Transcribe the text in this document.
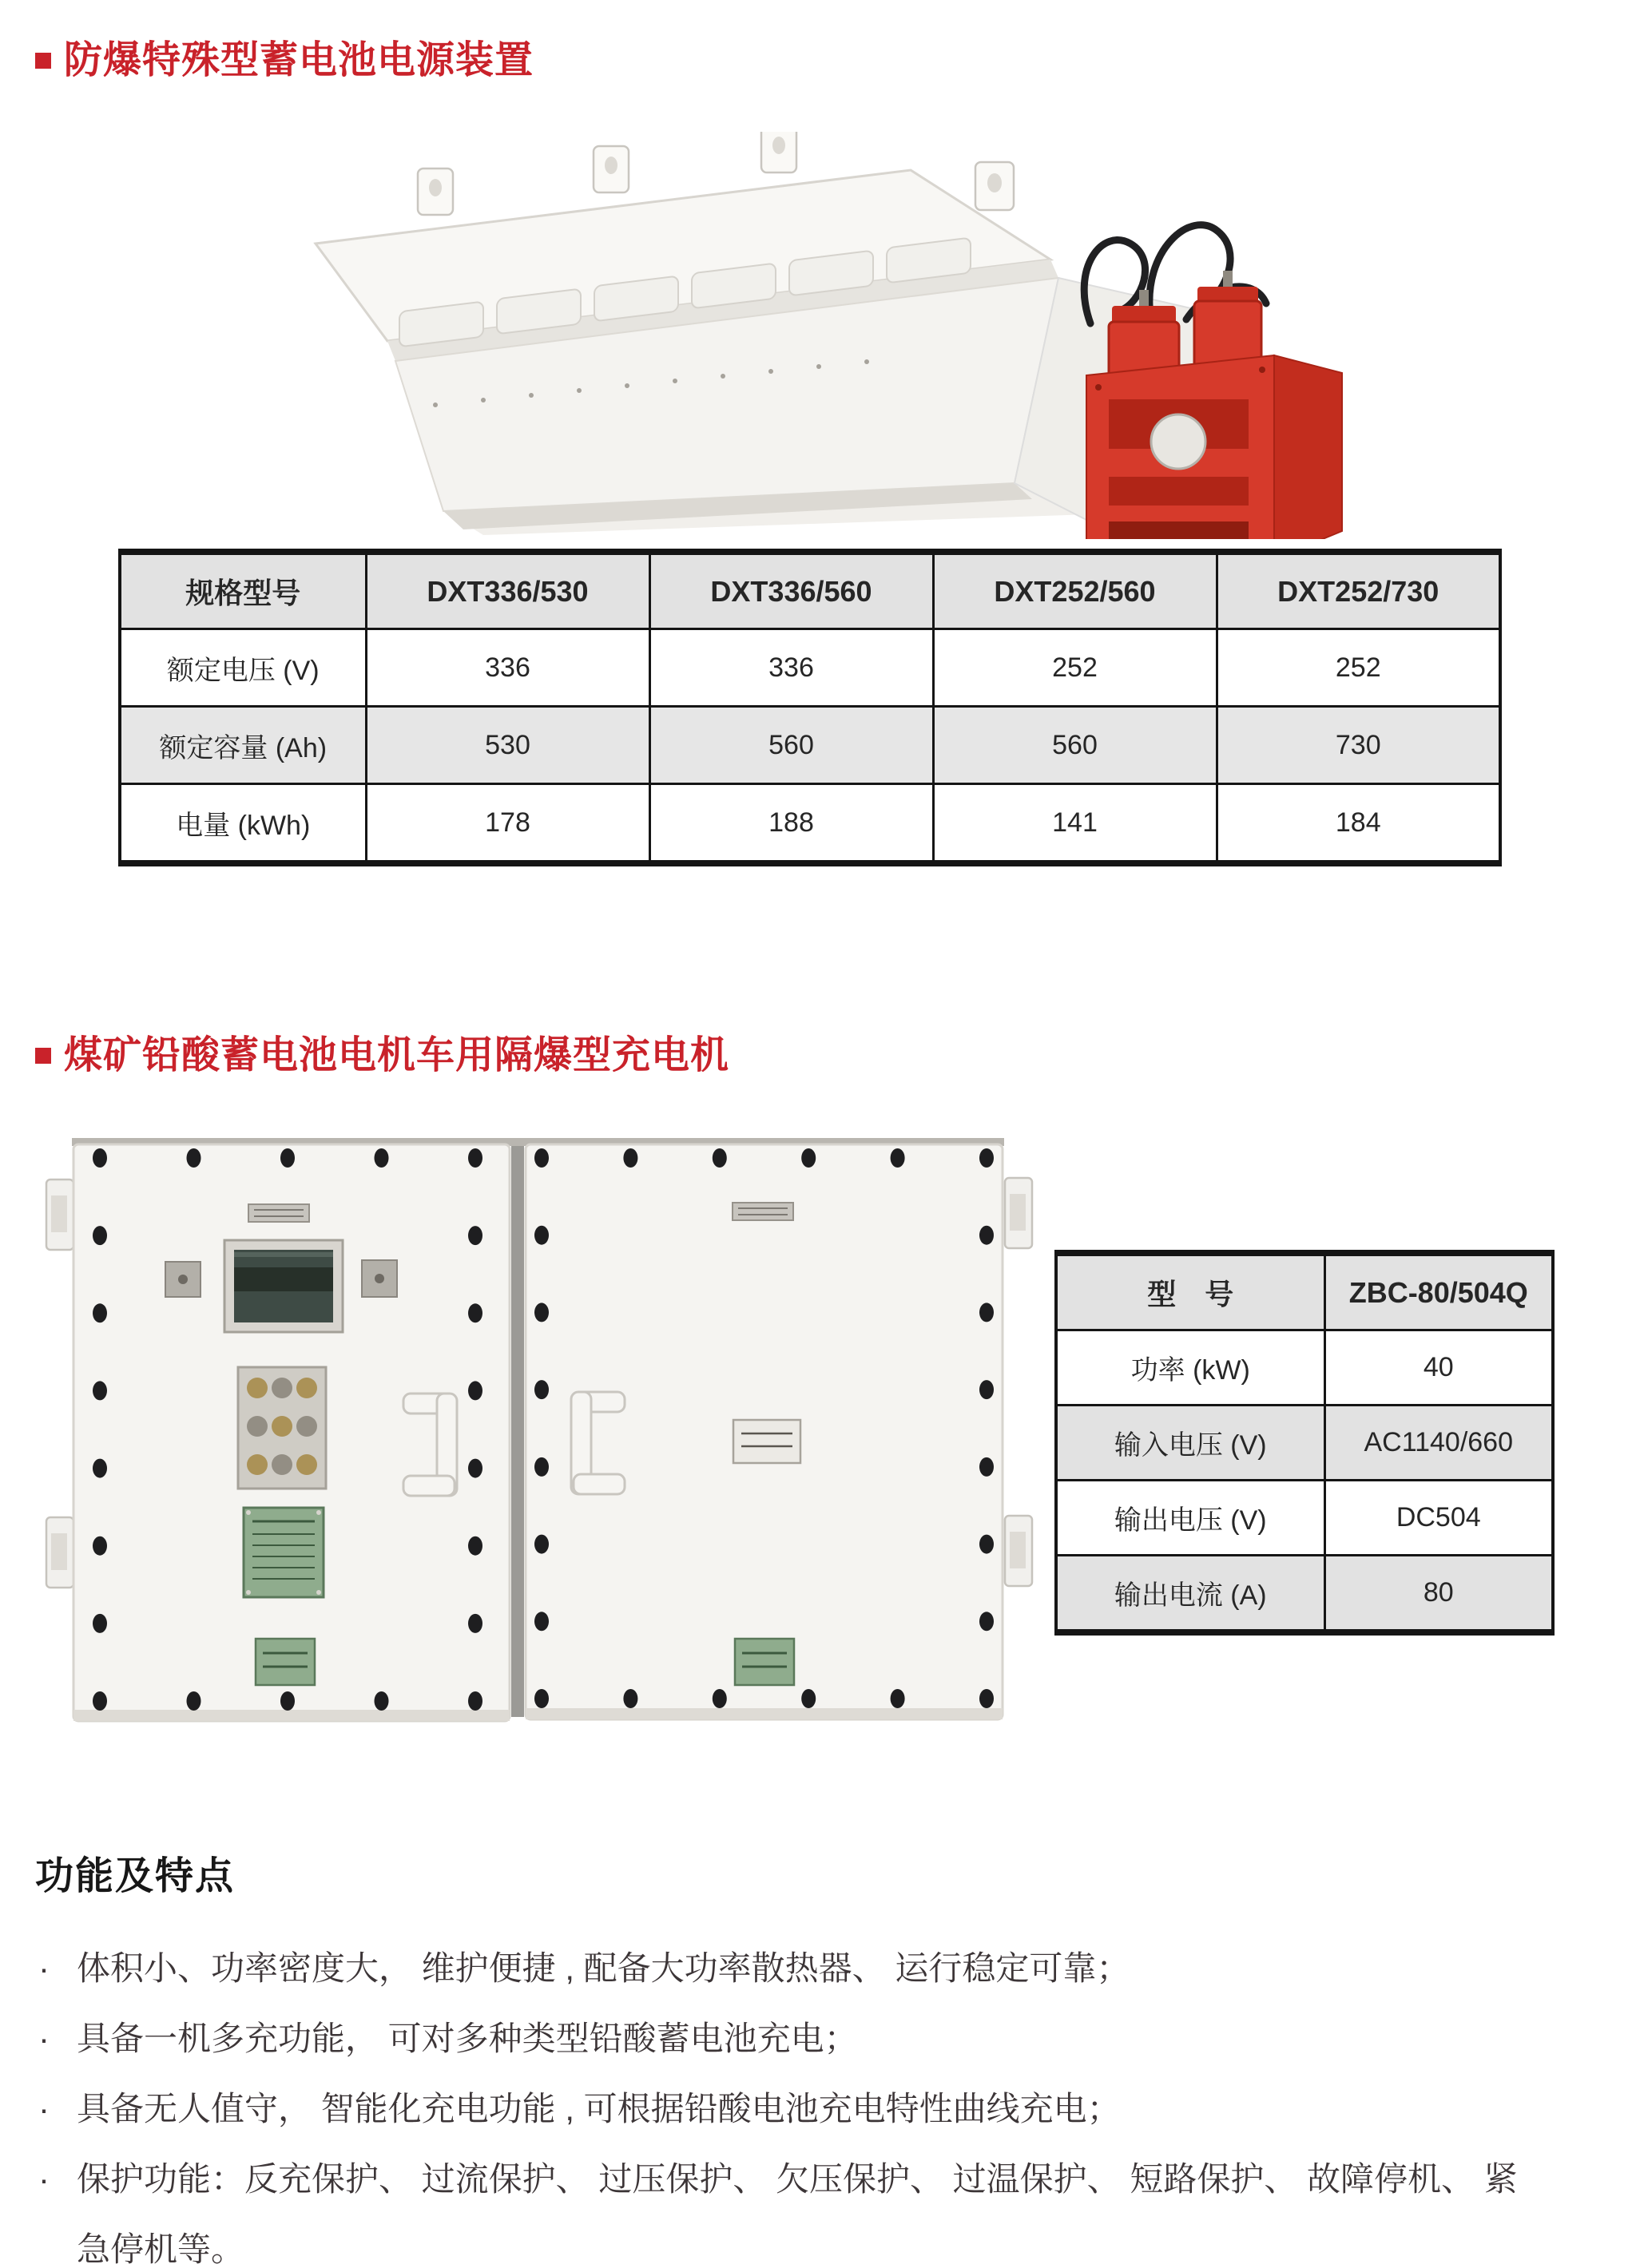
防爆特殊型蓄电池电源装置
规格型号	DXT336/530	DXT336/560	DXT252/560	DXT252/730
额定电压 (V)	336	336	252	252
额定容量 (Ah)	530	560	560	730
电量 (kWh)	178	188	141	184
煤矿铅酸蓄电池电机车用隔爆型充电机
型　号	ZBC-80/504Q
功率 (kW)	40
输入电压 (V)	AC1140/660
输出电压 (V)	DC504
输出电流 (A)	80
功能及特点
· 体积小、功率密度大， 维护便捷 , 配备大功率散热器、 运行稳定可靠；
· 具备一机多充功能， 可对多种类型铅酸蓄电池充电；
· 具备无人值守， 智能化充电功能 , 可根据铅酸电池充电特性曲线充电；
· 保护功能：反充保护、 过流保护、 过压保护、 欠压保护、 过温保护、 短路保护、 故障停机、 紧急停机等。
